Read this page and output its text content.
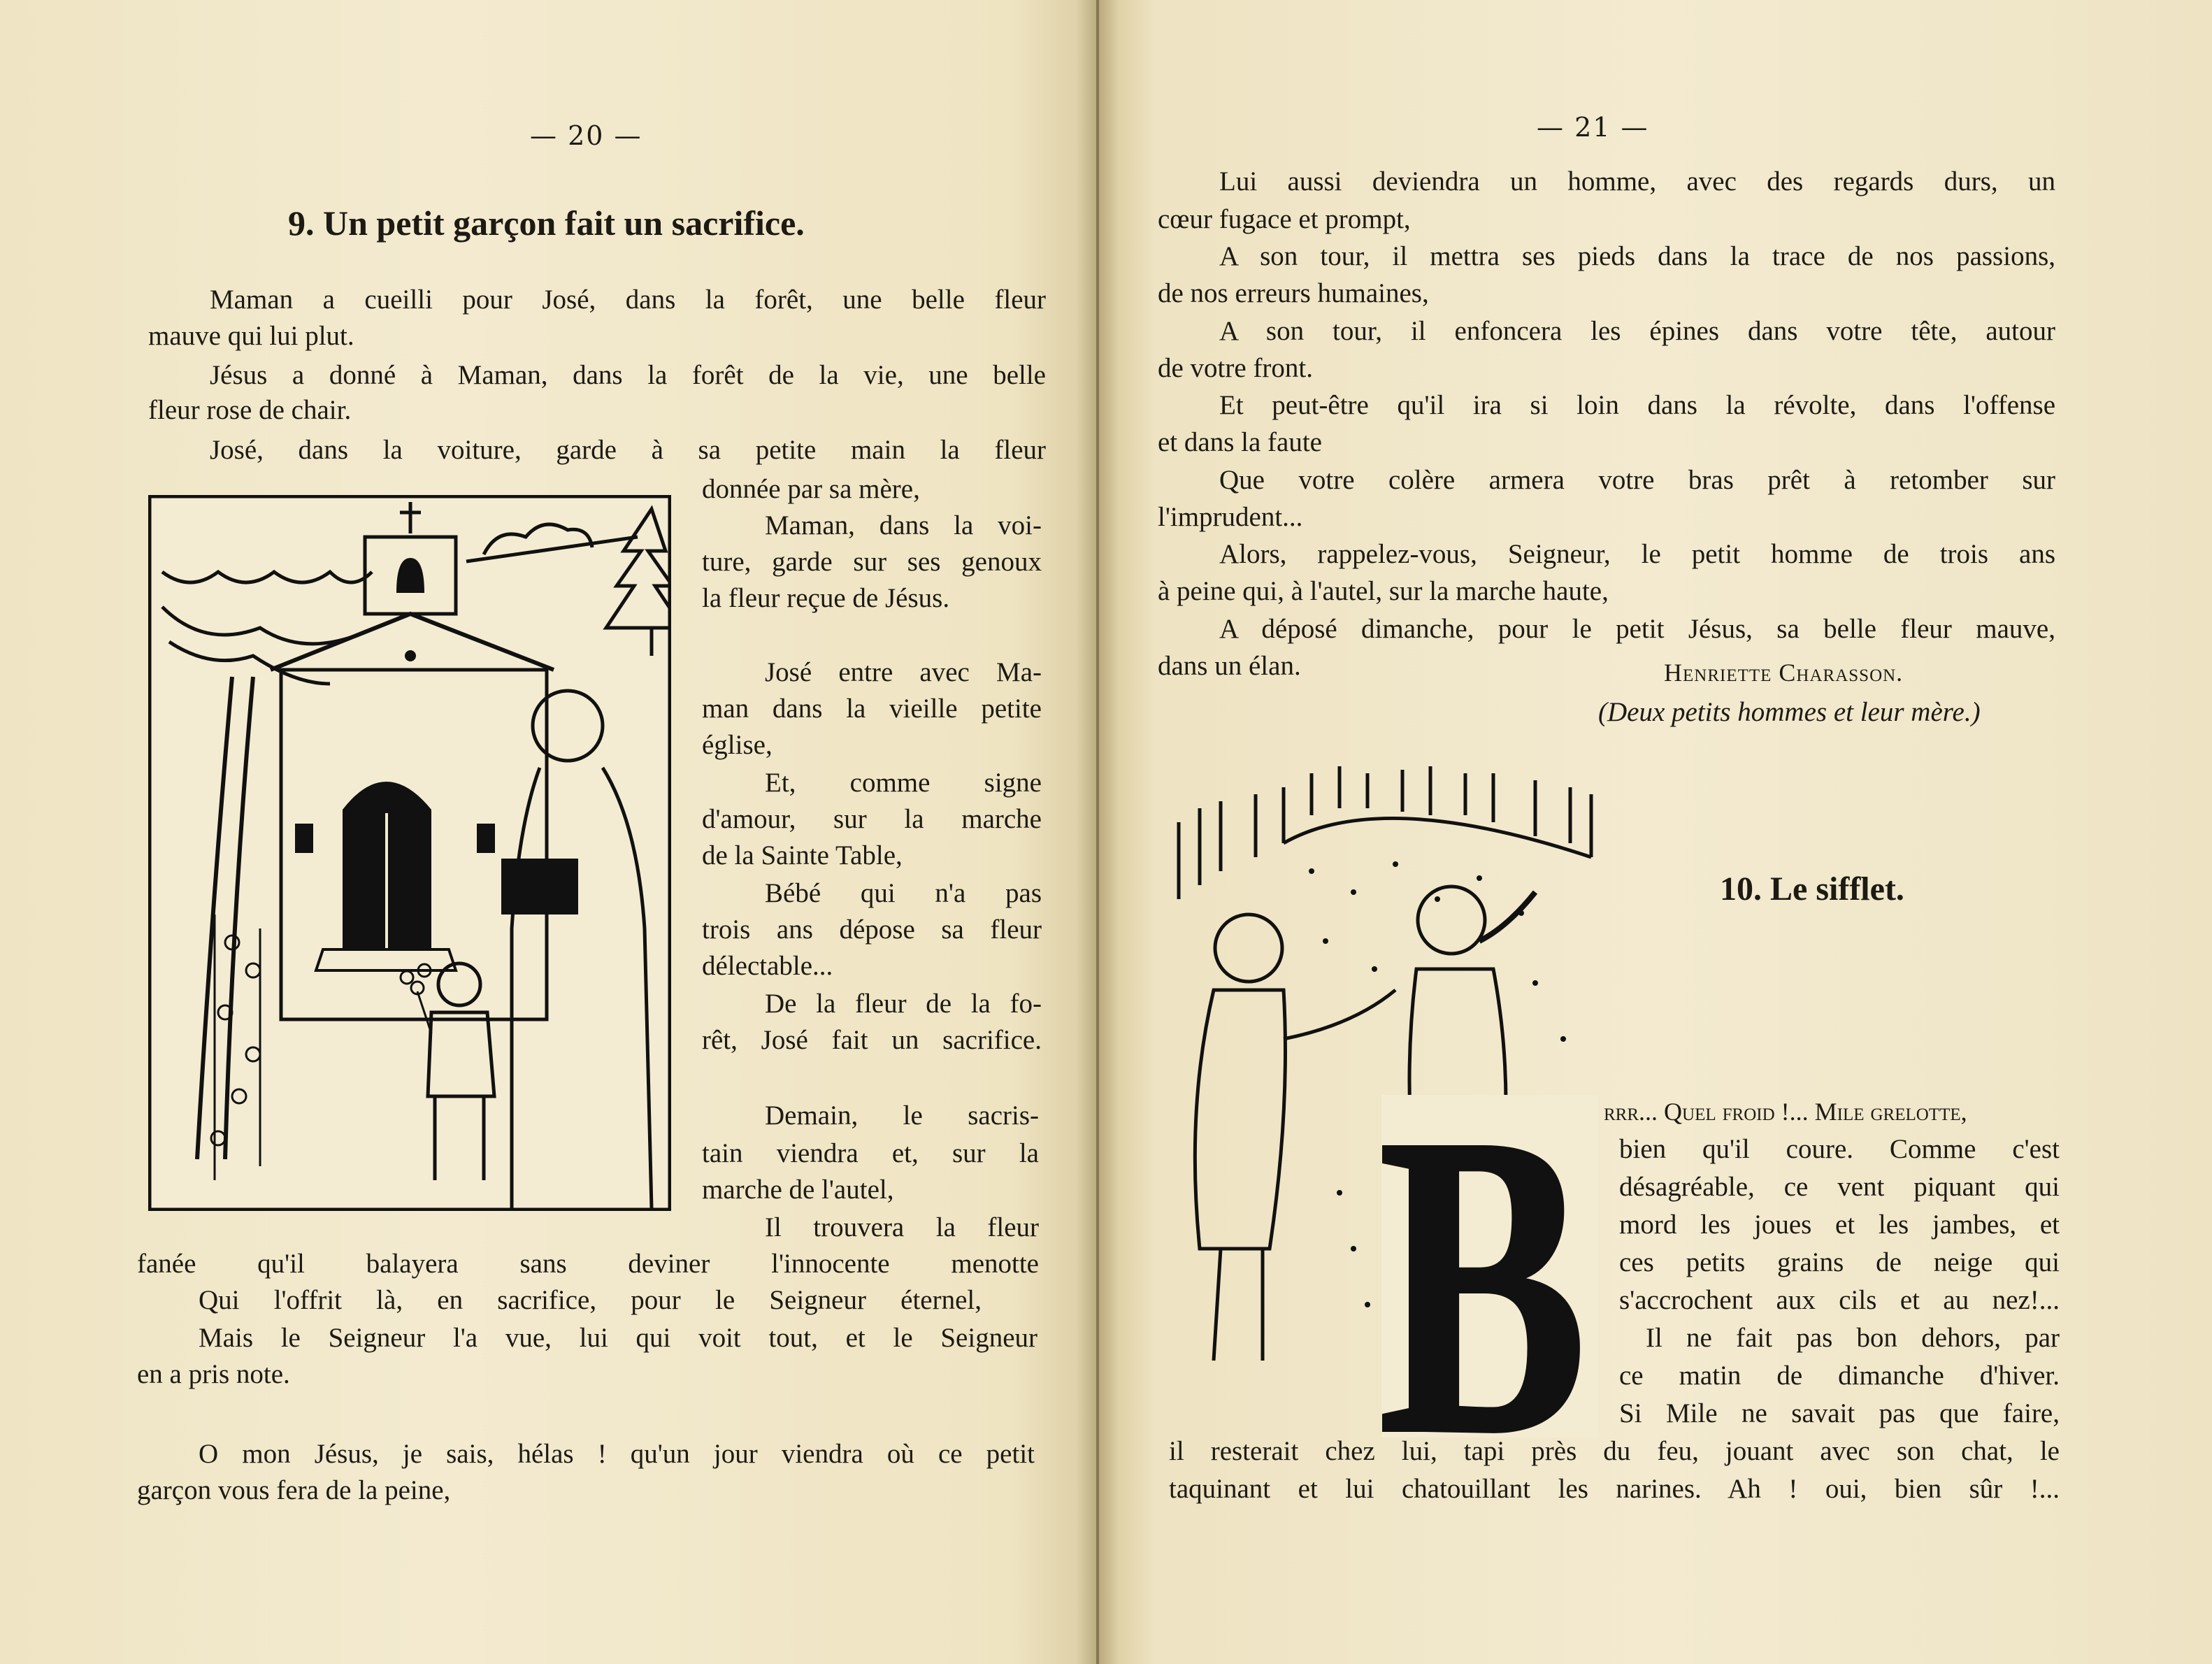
— 20 —
9. Un petit garçon fait un sacrifice.
Maman a cueilli pour José, dans la forêt, une belle fleur
mauve qui lui plut.
Jésus a donné à Maman, dans la forêt de la vie, une belle
fleur rose de chair.
José, dans la voiture, garde à sa petite main la fleur
donnée par sa mère,
Maman, dans la voi-
ture, garde sur ses genoux
la fleur reçue de Jésus.
José entre avec Ma-
man dans la vieille petite
église,
Et, comme signe
d'amour, sur la marche
de la Sainte Table,
Bébé qui n'a pas
trois ans dépose sa fleur
délectable...
De la fleur de la fo-
rêt, José fait un sacrifice.
Demain, le sacris-
tain viendra et, sur la
marche de l'autel,
Il trouvera la fleur
fanée qu'il balayera sans deviner l'innocente menotte
Qui l'offrit là, en sacrifice, pour le Seigneur éternel,
Mais le Seigneur l'a vue, lui qui voit tout, et le Seigneur
en a pris note.
O mon Jésus, je sais, hélas ! qu'un jour viendra où ce petit
garçon vous fera de la peine,
— 21 —
Lui aussi deviendra un homme, avec des regards durs, un
cœur fugace et prompt,
A son tour, il mettra ses pieds dans la trace de nos passions,
de nos erreurs humaines,
A son tour, il enfoncera les épines dans votre tête, autour
de votre front.
Et peut-être qu'il ira si loin dans la révolte, dans l'offense
et dans la faute
Que votre colère armera votre bras prêt à retomber sur
l'imprudent...
Alors, rappelez-vous, Seigneur, le petit homme de trois ans
à peine qui, à l'autel, sur la marche haute,
A déposé dimanche, pour le petit Jésus, sa belle fleur mauve,
dans un élan.	Henriette Charasson.
(Deux petits hommes et leur mère.)
10. Le sifflet.
B rrr... Quel froid !... Mile grelotte,
bien qu'il coure. Comme c'est
désagréable, ce vent piquant qui
mord les joues et les jambes, et
ces petits grains de neige qui
s'accrochent aux cils et au nez!...
Il ne fait pas bon dehors, par
ce matin de dimanche d'hiver.
Si Mile ne savait pas que faire,
il resterait chez lui, tapi près du feu, jouant avec son chat, le
taquinant et lui chatouillant les narines. Ah ! oui, bien sûr !...
